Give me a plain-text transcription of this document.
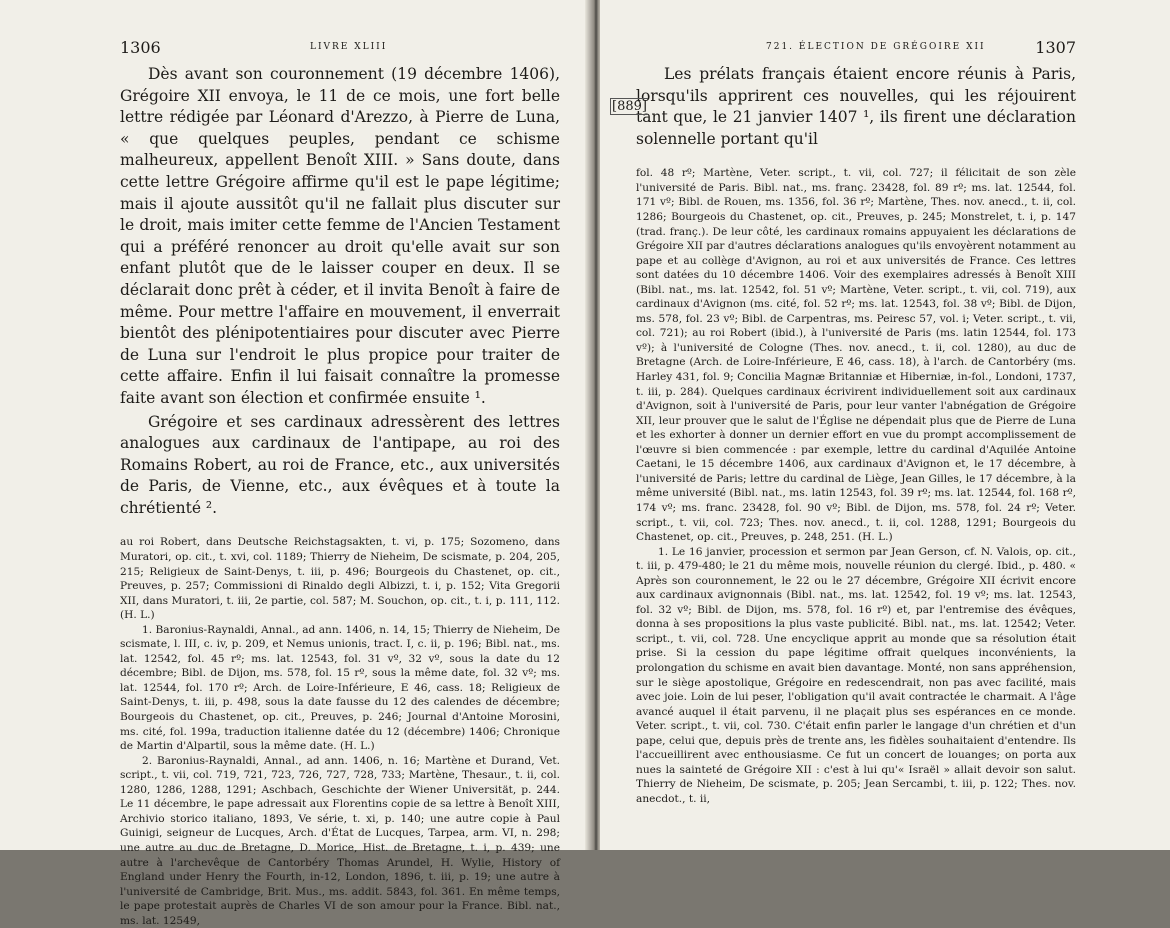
1306	LIVRE XLIII

Dès avant son couronnement (19 décembre 1406), Grégoire XII envoya, le 11 de ce mois, une fort belle lettre rédigée par Léonard d'Arezzo, à Pierre de Luna, « que quelques peuples, pendant ce schisme malheureux, appellent Benoît XIII. » Sans doute, dans cette lettre Grégoire affirme qu'il est le pape légitime; mais il ajoute aussitôt qu'il ne fallait plus discuter sur le droit, mais imiter cette femme de l'Ancien Testament qui a préféré renoncer au droit qu'elle avait sur son enfant plutôt que de le laisser couper en deux. Il se déclarait donc prêt à céder, et il invita Benoît à faire de même. Pour mettre l'affaire en mouvement, il enverrait bientôt des plénipotentiaires pour discuter avec Pierre de Luna sur l'endroit le plus propice pour traiter de cette affaire. Enfin il lui faisait connaître la promesse faite avant son élection et confirmée ensuite ¹.

Grégoire et ses cardinaux adressèrent des lettres analogues aux cardinaux de l'antipape, au roi des Romains Robert, au roi de France, etc., aux universités de Paris, de Vienne, etc., aux évêques et à toute la chrétienté ².

au roi Robert, dans Deutsche Reichstagsakten, t. vi, p. 175; Sozomeno, dans Muratori, op. cit., t. xvi, col. 1189; Thierry de Nieheim, De scismate, p. 204, 205, 215; Religieux de Saint-Denys, t. iii, p. 496; Bourgeois du Chastenet, op. cit., Preuves, p. 257; Commissioni di Rinaldo degli Albizzi, t. i, p. 152; Vita Gregorii XII, dans Muratori, t. iii, 2e partie, col. 587; M. Souchon, op. cit., t. i, p. 111, 112. (H. L.)

1. Baronius-Raynaldi, Annal., ad ann. 1406, n. 14, 15; Thierry de Nieheim, De scismate, l. III, c. iv, p. 209, et Nemus unionis, tract. I, c. ii, p. 196; Bibl. nat., ms. lat. 12542, fol. 45 rº; ms. lat. 12543, fol. 31 vº, 32 vº, sous la date du 12 décembre; Bibl. de Dijon, ms. 578, fol. 15 rº, sous la même date, fol. 32 vº; ms. lat. 12544, fol. 170 rº; Arch. de Loire-Inférieure, E 46, cass. 18; Religieux de Saint-Denys, t. iii, p. 498, sous la date fausse du 12 des calendes de décembre; Bourgeois du Chastenet, op. cit., Preuves, p. 246; Journal d'Antoine Morosini, ms. cité, fol. 199a, traduction italienne datée du 12 (décembre) 1406; Chronique de Martin d'Alpartil, sous la même date. (H. L.)

2. Baronius-Raynaldi, Annal., ad ann. 1406, n. 16; Martène et Durand, Vet. script., t. vii, col. 719, 721, 723, 726, 727, 728, 733; Martène, Thesaur., t. ii, col. 1280, 1286, 1288, 1291; Aschbach, Geschichte der Wiener Universität, p. 244. Le 11 décembre, le pape adressait aux Florentins copie de sa lettre à Benoît XIII, Archivio storico italiano, 1893, Ve série, t. xi, p. 140; une autre copie à Paul Guinigi, seigneur de Lucques, Arch. d'État de Lucques, Tarpea, arm. VI, n. 298; une autre au duc de Bretagne, D. Morice, Hist. de Bretagne, t. i, p. 439; une autre à l'archevêque de Cantorbéry Thomas Arundel, H. Wylie, History of England under Henry the Fourth, in-12, London, 1896, t. iii, p. 19; une autre à l'université de Cambridge, Brit. Mus., ms. addit. 5843, fol. 361. En même temps, le pape protestait auprès de Charles VI de son amour pour la France. Bibl. nat., ms. lat. 12549,

721. ÉLECTION DE GRÉGOIRE XII	1307
[889]

Les prélats français étaient encore réunis à Paris, lorsqu'ils apprirent ces nouvelles, qui les réjouirent tant que, le 21 janvier 1407 ¹, ils firent une déclaration solennelle portant qu'il

fol. 48 rº; Martène, Veter. script., t. vii, col. 727; il félicitait de son zèle l'université de Paris. Bibl. nat., ms. franç. 23428, fol. 89 rº; ms. lat. 12544, fol. 171 vº; Bibl. de Rouen, ms. 1356, fol. 36 rº; Martène, Thes. nov. anecd., t. ii, col. 1286; Bourgeois du Chastenet, op. cit., Preuves, p. 245; Monstrelet, t. i, p. 147 (trad. franç.). De leur côté, les cardinaux romains appuyaient les déclarations de Grégoire XII par d'autres déclarations analogues qu'ils envoyèrent notamment au pape et au collège d'Avignon, au roi et aux universités de France. Ces lettres sont datées du 10 décembre 1406. Voir des exemplaires adressés à Benoît XIII (Bibl. nat., ms. lat. 12542, fol. 51 vº; Martène, Veter. script., t. vii, col. 719), aux cardinaux d'Avignon (ms. cité, fol. 52 rº; ms. lat. 12543, fol. 38 vº; Bibl. de Dijon, ms. 578, fol. 23 vº; Bibl. de Carpentras, ms. Peiresc 57, vol. i; Veter. script., t. vii, col. 721); au roi Robert (ibid.), à l'université de Paris (ms. latin 12544, fol. 173 vº); à l'université de Cologne (Thes. nov. anecd., t. ii, col. 1280), au duc de Bretagne (Arch. de Loire-Inférieure, E 46, cass. 18), à l'arch. de Cantorbéry (ms. Harley 431, fol. 9; Concilia Magnæ Britanniæ et Hiberniæ, in-fol., Londoni, 1737, t. iii, p. 284). Quelques cardinaux écrivirent individuellement soit aux cardinaux d'Avignon, soit à l'université de Paris, pour leur vanter l'abnégation de Grégoire XII, leur prouver que le salut de l'Église ne dépendait plus que de Pierre de Luna et les exhorter à donner un dernier effort en vue du prompt accomplissement de l'œuvre si bien commencée : par exemple, lettre du cardinal d'Aquilée Antoine Caetani, le 15 décembre 1406, aux cardinaux d'Avignon et, le 17 décembre, à l'université de Paris; lettre du cardinal de Liège, Jean Gilles, le 17 décembre, à la même université (Bibl. nat., ms. latin 12543, fol. 39 rº; ms. lat. 12544, fol. 168 rº, 174 vº; ms. franc. 23428, fol. 90 vº; Bibl. de Dijon, ms. 578, fol. 24 rº; Veter. script., t. vii, col. 723; Thes. nov. anecd., t. ii, col. 1288, 1291; Bourgeois du Chastenet, op. cit., Preuves, p. 248, 251. (H. L.)

1. Le 16 janvier, procession et sermon par Jean Gerson, cf. N. Valois, op. cit., t. iii, p. 479-480; le 21 du même mois, nouvelle réunion du clergé. Ibid., p. 480. « Après son couronnement, le 22 ou le 27 décembre, Grégoire XII écrivit encore aux cardinaux avignonnais (Bibl. nat., ms. lat. 12542, fol. 19 vº; ms. lat. 12543, fol. 32 vº; Bibl. de Dijon, ms. 578, fol. 16 rº) et, par l'entremise des évêques, donna à ses propositions la plus vaste publicité. Bibl. nat., ms. lat. 12542; Veter. script., t. vii, col. 728. Une encyclique apprit au monde que sa résolution était prise. Si la cession du pape légitime offrait quelques inconvénients, la prolongation du schisme en avait bien davantage. Monté, non sans appréhension, sur le siège apostolique, Grégoire en redescendrait, non pas avec facilité, mais avec joie. Loin de lui peser, l'obligation qu'il avait contractée le charmait. A l'âge avancé auquel il était parvenu, il ne plaçait plus ses espérances en ce monde. Veter. script., t. vii, col. 730. C'était enfin parler le langage d'un chrétien et d'un pape, celui que, depuis près de trente ans, les fidèles souhaitaient d'entendre. Ils l'accueillirent avec enthousiasme. Ce fut un concert de louanges; on porta aux nues la sainteté de Grégoire XII : c'est à lui qu'« Israël » allait devoir son salut. Thierry de Nieheim, De scismate, p. 205; Jean Sercambi, t. iii, p. 122; Thes. nov. anecdot., t. ii,
